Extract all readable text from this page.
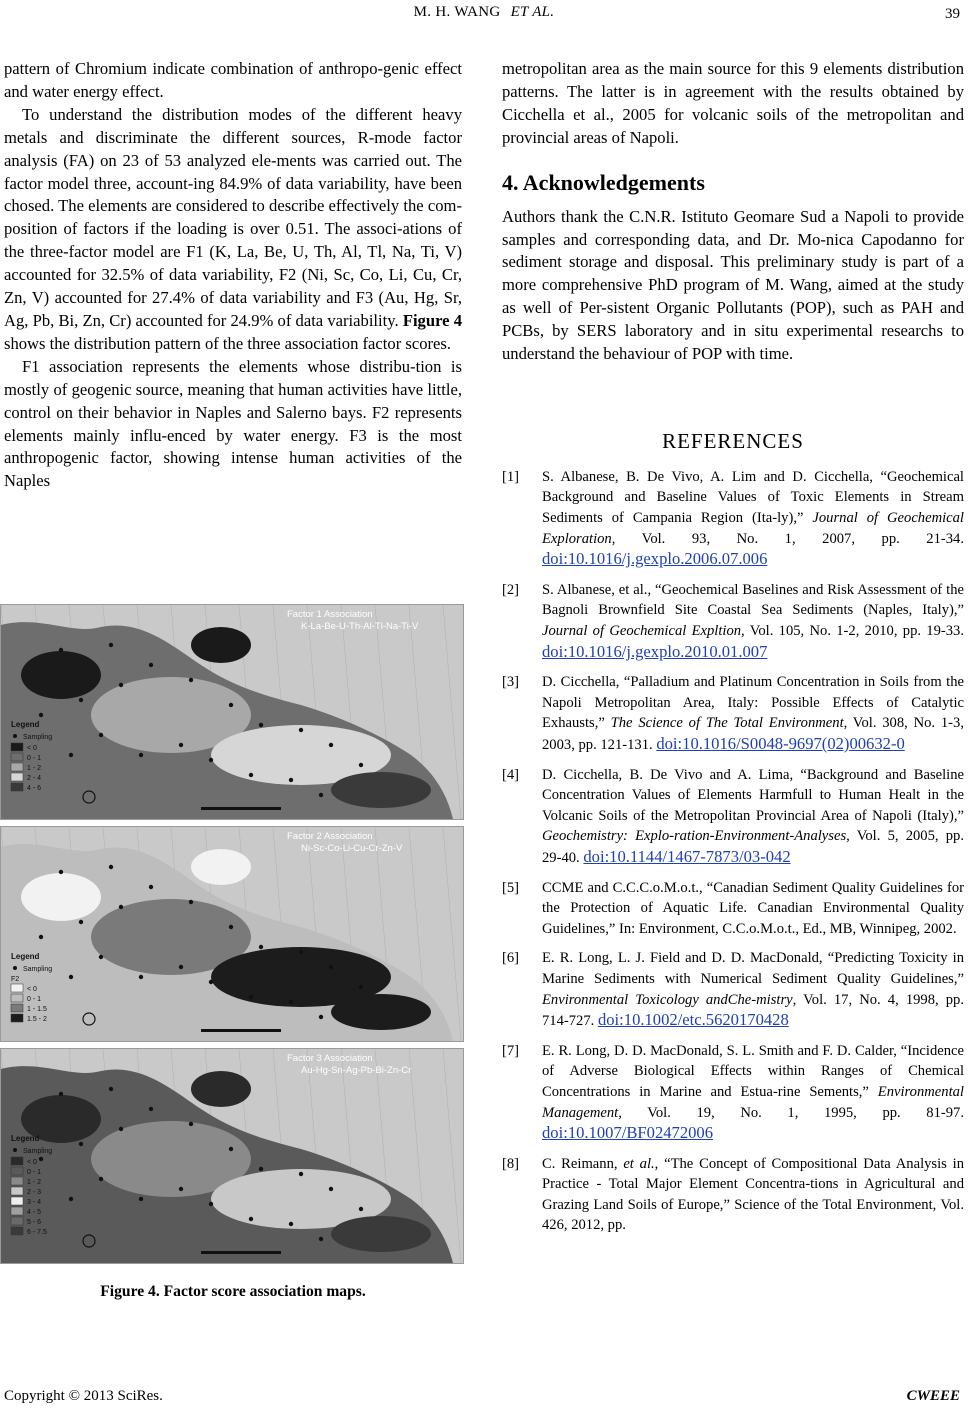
M. H. WANG ET AL.	39

pattern of Chromium indicate combination of anthropo-genic effect and water energy effect.

To understand the distribution modes of the different heavy metals and discriminate the different sources, R-mode factor analysis (FA) on 23 of 53 analyzed ele-ments was carried out. The factor model three, account-ing 84.9% of data variability, have been chosed. The elements are considered to describe effectively the com-position of factors if the loading is over 0.51. The associ-ations of the three-factor model are F1 (K, La, Be, U, Th, Al, Tl, Na, Ti, V) accounted for 32.5% of data variability, F2 (Ni, Sc, Co, Li, Cu, Cr, Zn, V) accounted for 27.4% of data variability and F3 (Au, Hg, Sr, Ag, Pb, Bi, Zn, Cr) accounted for 24.9% of data variability. Figure 4 shows the distribution pattern of the three association factor scores.

F1 association represents the elements whose distribu-tion is mostly of geogenic source, meaning that human activities have little, control on their behavior in Naples and Salerno bays. F2 represents elements mainly influ-enced by water energy. F3 is the most anthropogenic factor, showing intense human activities of the Naples

Factor 1 Association
K-La-Be-U-Th-Al-Tl-Na-Ti-V
Legend
Sampling
< 0
0 - 1
1 - 2
2 - 4
4 - 6
Factor 2 Association
Ni-Sc-Co-Li-Cu-Cr-Zn-V
Legend
Sampling
F2
< 0
0 - 1
1 - 1.5
1.5 - 2
Factor 3 Association
Au-Hg-Sn-Ag-Pb-Bi-Zn-Cr
Legend
Sampling
< 0
0 - 1
1 - 2
2 - 3
3 - 4
4 - 5
5 - 6
6 - 7.5
Figure 4. Factor score association maps.

metropolitan area as the main source for this 9 elements distribution patterns. The latter is in agreement with the results obtained by Cicchella et al., 2005 for volcanic soils of the metropolitan and provincial areas of Napoli.

4. Acknowledgements

Authors thank the C.N.R. Istituto Geomare Sud a Napoli to provide samples and corresponding data, and Dr. Mo-nica Capodanno for sediment storage and disposal. This preliminary study is part of a more comprehensive PhD program of M. Wang, aimed at the study as well of Per-sistent Organic Pollutants (POP), such as PAH and PCBs, by SERS laboratory and in situ experimental researchs to understand the behaviour of POP with time.

REFERENCES
[1]	S. Albanese, B. De Vivo, A. Lim and D. Cicchella, “Geochemical Background and Baseline Values of Toxic Elements in Stream Sediments of Campania Region (Ita-ly),” Journal of Geochemical Exploration, Vol. 93, No. 1, 2007, pp. 21-34. doi:10.1016/j.gexplo.2006.07.006
[2]	S. Albanese, et al., “Geochemical Baselines and Risk Assessment of the Bagnoli Brownfield Site Coastal Sea Sediments (Naples, Italy),” Journal of Geochemical Expltion, Vol. 105, No. 1-2, 2010, pp. 19-33. doi:10.1016/j.gexplo.2010.01.007
[3]	D. Cicchella, “Palladium and Platinum Concentration in Soils from the Napoli Metropolitan Area, Italy: Possible Effects of Catalytic Exhausts,” The Science of The Total Environment, Vol. 308, No. 1-3, 2003, pp. 121-131. doi:10.1016/S0048-9697(02)00632-0
[4]	D. Cicchella, B. De Vivo and A. Lima, “Background and Baseline Concentration Values of Elements Harmfull to Human Healt in the Volcanic Soils of the Metropolitan Provincial Area of Napoli (Italy),” Geochemistry: Explo-ration-Environment-Analyses, Vol. 5, 2005, pp. 29-40. doi:10.1144/1467-7873/03-042
[5]	CCME and C.C.C.o.M.o.t., “Canadian Sediment Quality Guidelines for the Protection of Aquatic Life. Canadian Environmental Quality Guidelines,” In: Environment, C.C.o.M.o.t., Ed., MB, Winnipeg, 2002.
[6]	E. R. Long, L. J. Field and D. D. MacDonald, “Predicting Toxicity in Marine Sediments with Numerical Sediment Quality Guidelines,” Environmental Toxicology andChe-mistry, Vol. 17, No. 4, 1998, pp. 714-727. doi:10.1002/etc.5620170428
[7]	E. R. Long, D. D. MacDonald, S. L. Smith and F. D. Calder, “Incidence of Adverse Biological Effects within Ranges of Chemical Concentrations in Marine and Estua-rine Sements,” Environmental Management, Vol. 19, No. 1, 1995, pp. 81-97. doi:10.1007/BF02472006
[8]	C. Reimann, et al., “The Concept of Compositional Data Analysis in Practice - Total Major Element Concentra-tions in Agricultural and Grazing Land Soils of Europe,” Science of the Total Environment, Vol. 426, 2012, pp.
Copyright © 2013 SciRes.	CWEEE
